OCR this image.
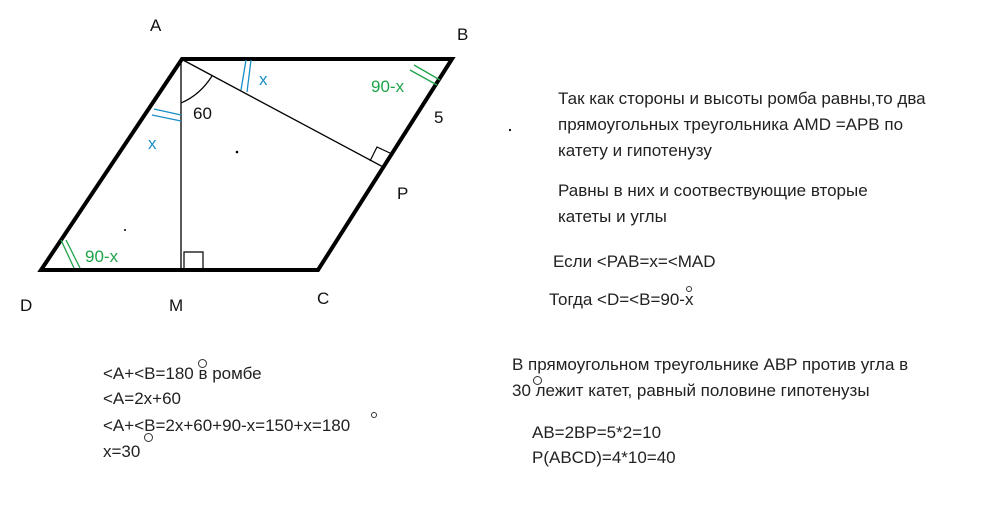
A	B
C
D	M
P
60	5
x
x
90-x
90-x
Так как стороны и высоты ромба равны,то два
прямоугольных треугольника AMD =APB по
катету и гипотенузу
Равны в них и соотвествующие вторые
катеты и углы
Если <PAB=x=<MAD
Тогда <D=<B=90-x
В прямоугольном треугольнике ABP против угла в
30 лежит катет, равный половине гипотенузы
AB=2BP=5*2=10
P(ABCD)=4*10=40
<A+<B=180 в ромбе
<A=2x+60
<A+<B=2x+60+90-x=150+x=180
x=30
